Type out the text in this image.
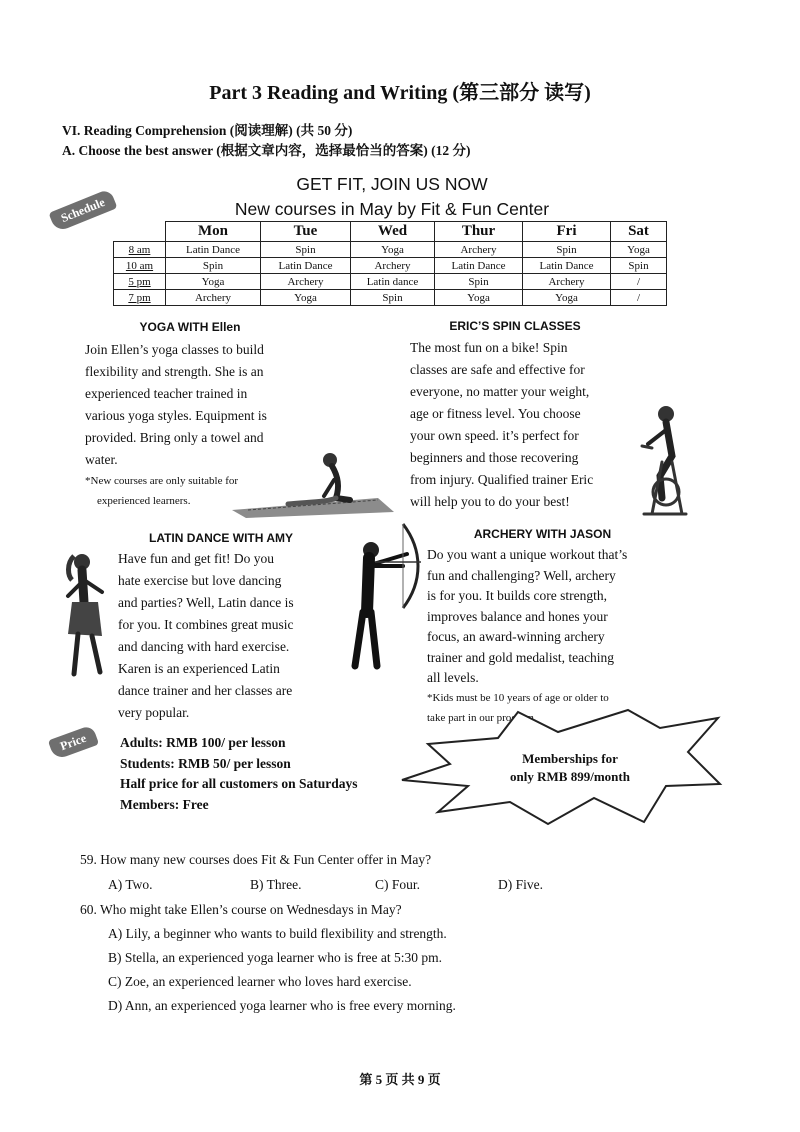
Part 3 Reading and Writing (第三部分 读写)
VI. Reading Comprehension (阅读理解) (共 50 分)
A. Choose the best answer (根据文章内容，选择最恰当的答案) (12 分)
GET FIT, JOIN US NOW
New courses in May by Fit & Fun Center
Schedule
	Mon	Tue	Wed	Thur	Fri	Sat
8 am	Latin Dance	Spin	Yoga	Archery	Spin	Yoga
10 am	Spin	Latin Dance	Archery	Latin Dance	Latin Dance	Spin
5 pm	Yoga	Archery	Latin dance	Spin	Archery	/
7 pm	Archery	Yoga	Spin	Yoga	Yoga	/
YOGA WITH Ellen
Join Ellen’s yoga classes to build
flexibility and strength. She is an
experienced teacher trained in
various yoga styles. Equipment is
provided. Bring only a towel and
water.
*New courses are only suitable for
experienced learners.
ERIC’S SPIN CLASSES
The most fun on a bike! Spin
classes are safe and effective for
everyone, no matter your weight,
age or fitness level. You choose
your own speed. it’s perfect for
beginners and those recovering
from injury. Qualified trainer Eric
will help you to do your best!
LATIN DANCE WITH AMY
Have fun and get fit! Do you
hate exercise but love dancing
and parties? Well, Latin dance is
for you. It combines great music
and dancing with hard exercise.
Karen is an experienced Latin
dance trainer and her classes are
very popular.
ARCHERY WITH JASON
Do you want a unique workout that’s
fun and challenging? Well, archery
is for you. It builds core strength,
improves balance and hones your
focus, an award-winning archery
trainer and gold medalist, teaching
all levels.
*Kids must be 10 years of age or older to
take part in our program.
Price	Adults: RMB 100/ per lesson
Students: RMB 50/ per lesson
Half price for all customers on Saturdays
Members: Free
Memberships for
only RMB 899/month
59. How many new courses does Fit & Fun Center offer in May?
A) Two.	B) Three.	C) Four.	D) Five.
60. Who might take Ellen’s course on Wednesdays in May?
A) Lily, a beginner who wants to build flexibility and strength.
B) Stella, an experienced yoga learner who is free at 5:30 pm.
C) Zoe, an experienced learner who loves hard exercise.
D) Ann, an experienced yoga learner who is free every morning.
第 5 页 共 9 页
